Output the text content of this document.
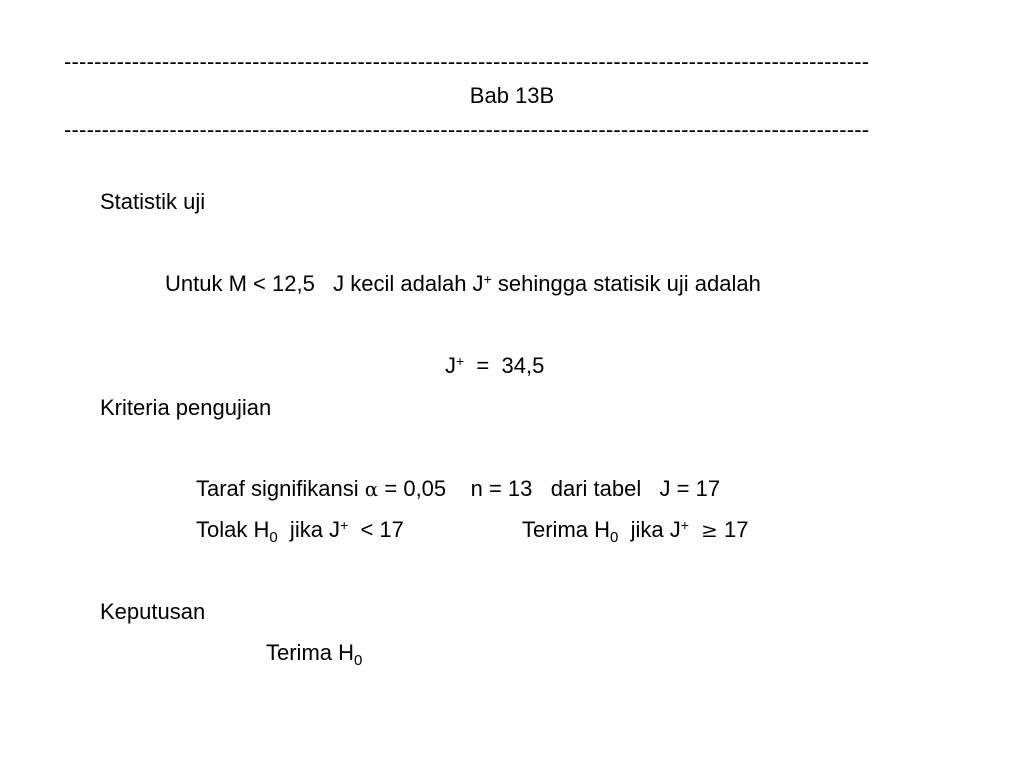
-----------------------------------------------------------------------------------------------------------
Bab 13B
-----------------------------------------------------------------------------------------------------------
Statistik uji
Untuk M < 12,5   J kecil adalah J+ sehingga statisik uji adalah
J+  =  34,5
Kriteria pengujian
Taraf signifikansi α = 0,05    n = 13   dari tabel   J = 17
Tolak $H_0$  jika J+  < 17	Terima $H_0$  jika J+ ≥ 17
Keputusan
Terima $H_0$
